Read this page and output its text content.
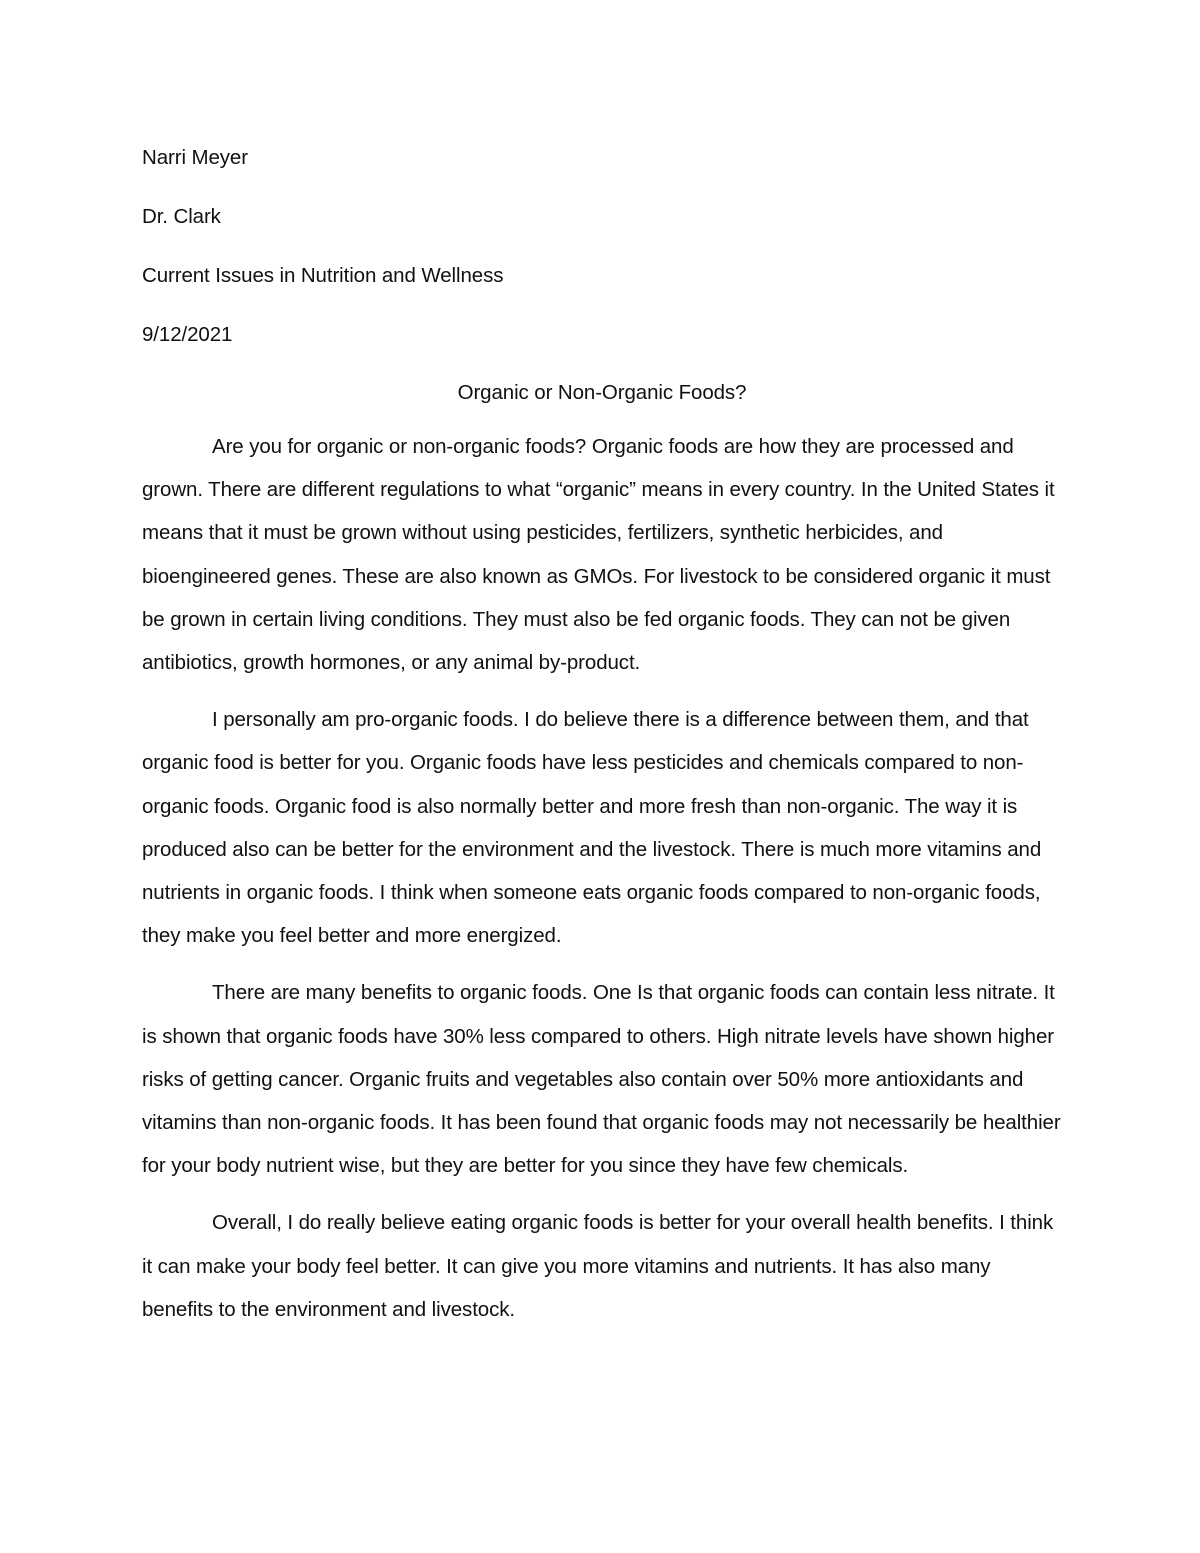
Narri Meyer

Dr. Clark

Current Issues in Nutrition and Wellness

9/12/2021

Organic or Non-Organic Foods?

Are you for organic or non-organic foods? Organic foods are how they are processed and grown. There are different regulations to what “organic” means in every country. In the United States it means that it must be grown without using pesticides, fertilizers, synthetic herbicides, and bioengineered genes. These are also known as GMOs. For livestock to be considered organic it must be grown in certain living conditions. They must also be fed organic foods. They can not be given antibiotics, growth hormones, or any animal by-product.

I personally am pro-organic foods. I do believe there is a difference between them, and that organic food is better for you. Organic foods have less pesticides and chemicals compared to non-organic foods. Organic food is also normally better and more fresh than non-organic. The way it is produced also can be better for the environment and the livestock. There is much more vitamins and nutrients in organic foods. I think when someone eats organic foods compared to non-organic foods, they make you feel better and more energized.

There are many benefits to organic foods. One Is that organic foods can contain less nitrate. It is shown that organic foods have 30% less compared to others. High nitrate levels have shown higher risks of getting cancer. Organic fruits and vegetables also contain over 50% more antioxidants and vitamins than non-organic foods. It has been found that organic foods may not necessarily be healthier for your body nutrient wise, but they are better for you since they have few chemicals.

Overall, I do really believe eating organic foods is better for your overall health benefits. I think it can make your body feel better. It can give you more vitamins and nutrients. It has also many benefits to the environment and livestock.
